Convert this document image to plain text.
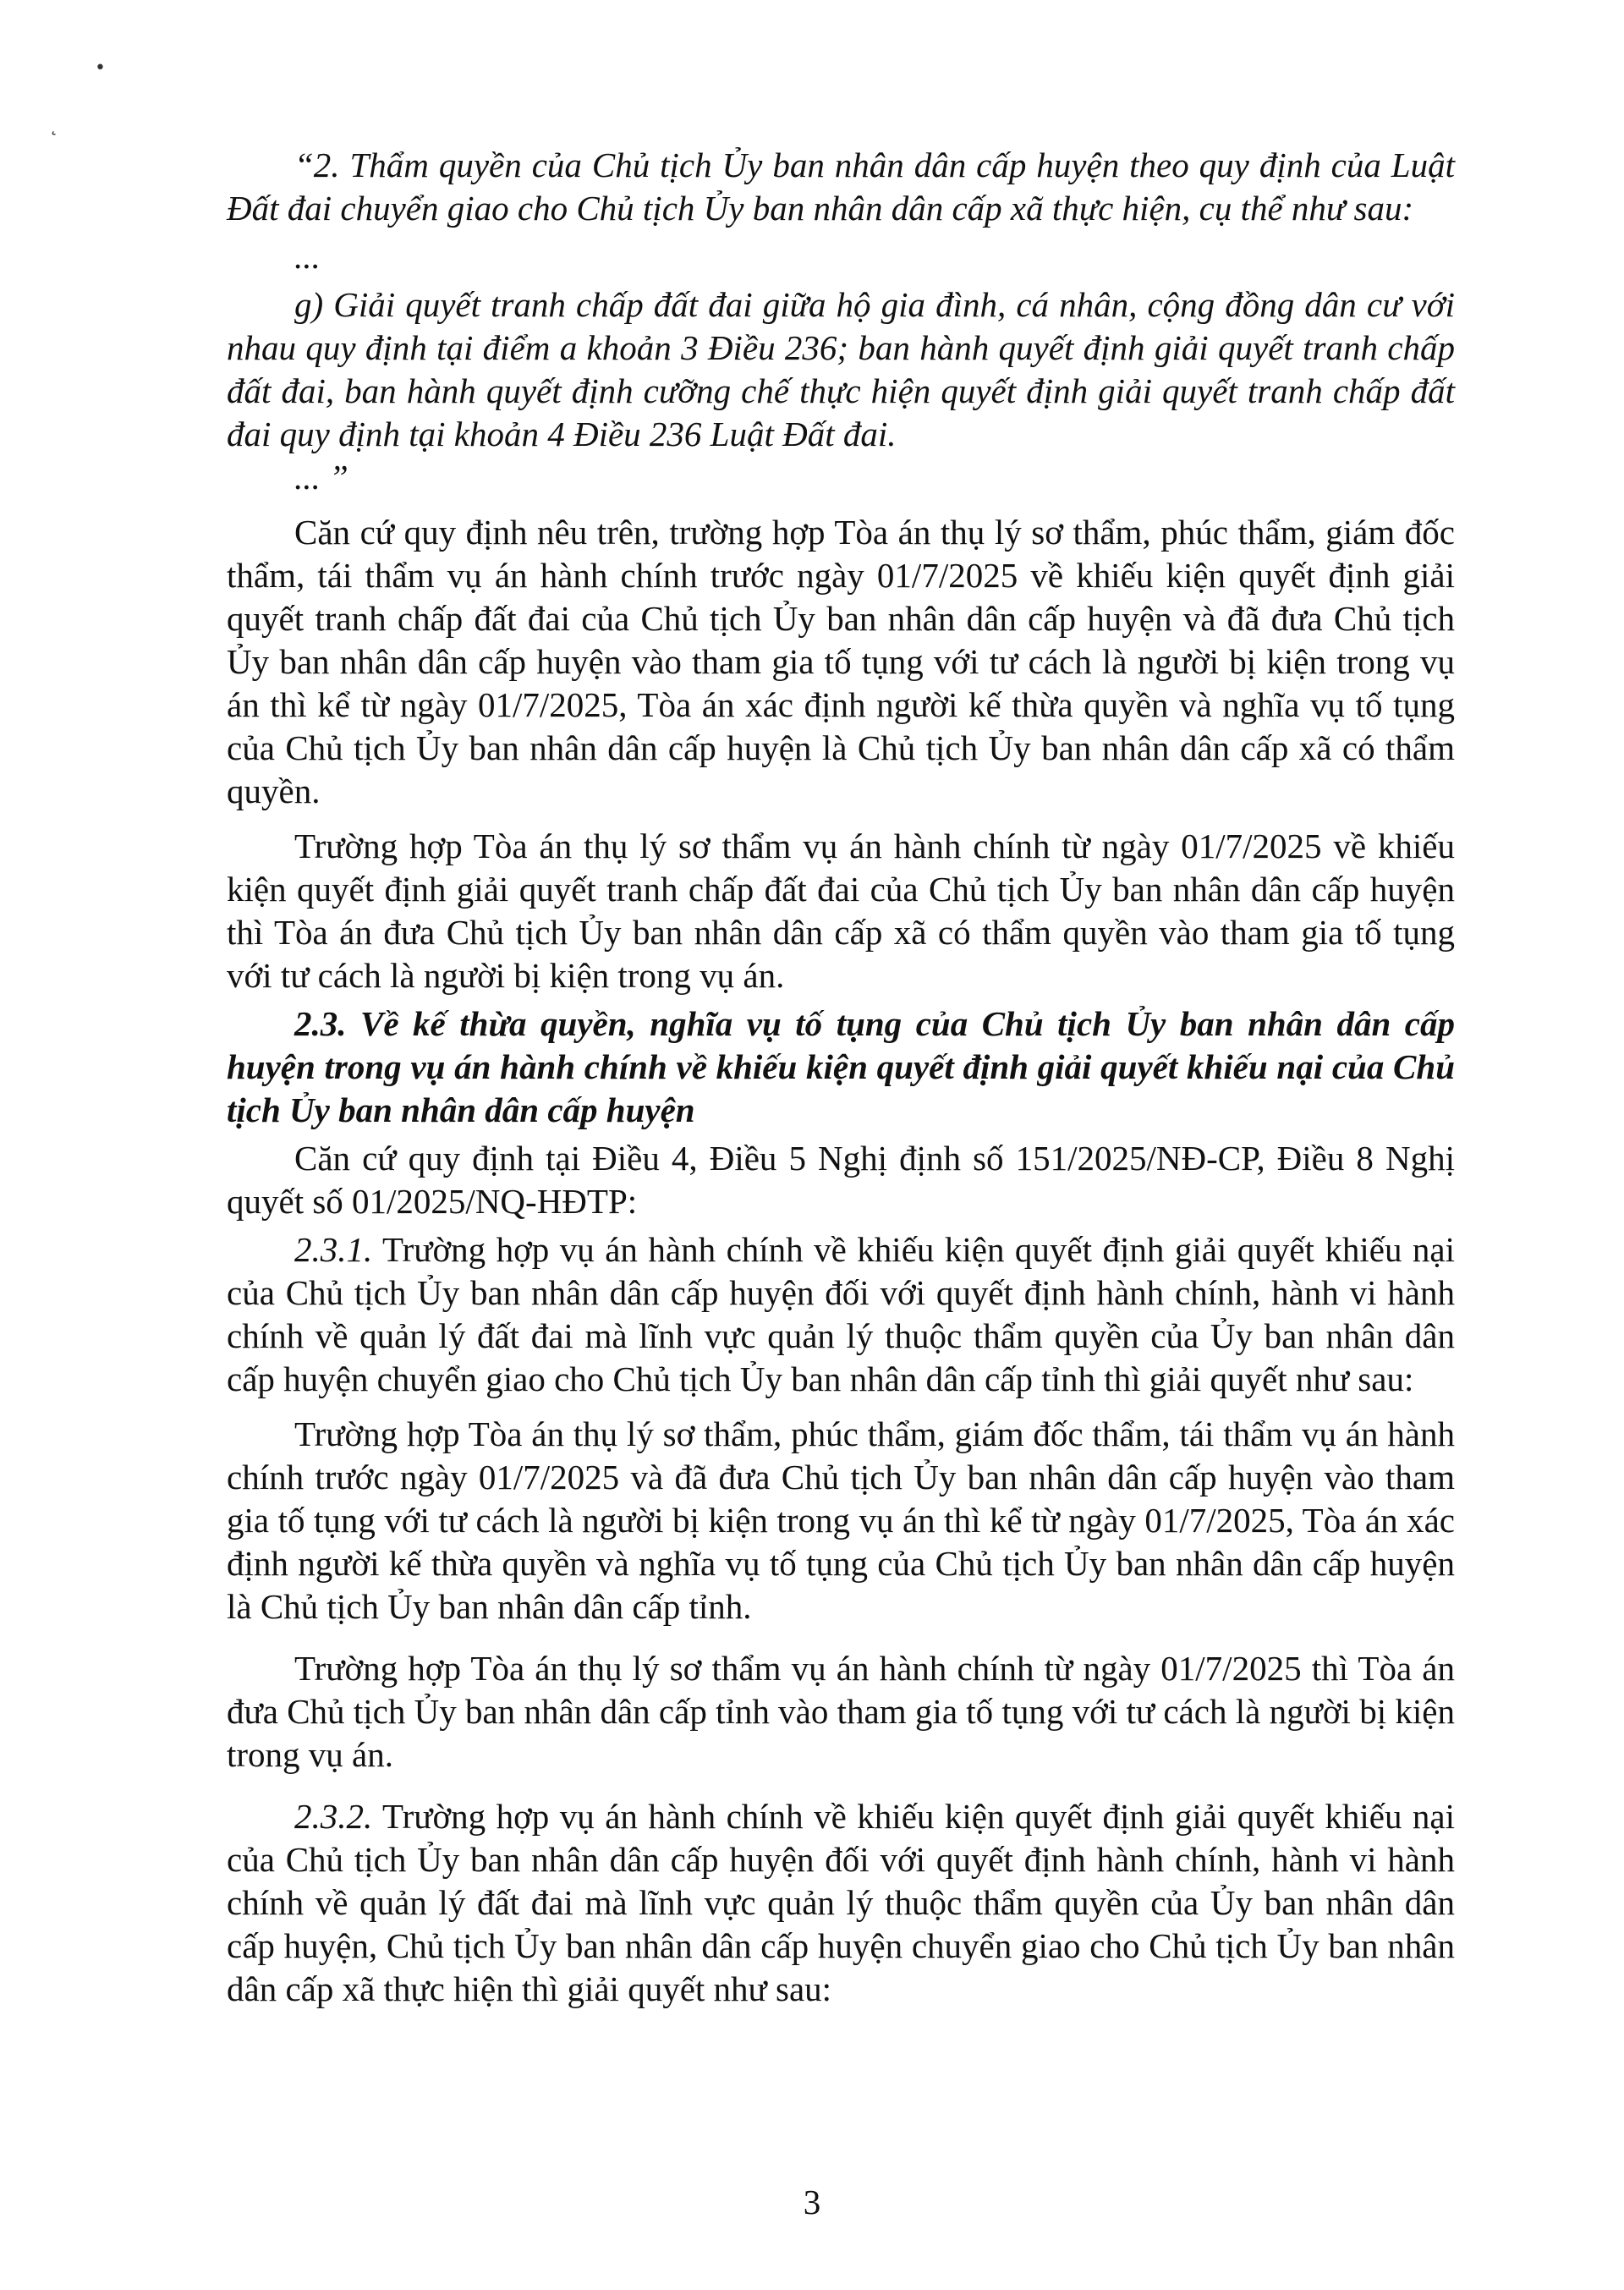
•
˛

“2. Thẩm quyền của Chủ tịch Ủy ban nhân dân cấp huyện theo quy định của Luật Đất đai chuyển giao cho Chủ tịch Ủy ban nhân dân cấp xã thực hiện, cụ thể như sau:

...

g) Giải quyết tranh chấp đất đai giữa hộ gia đình, cá nhân, cộng đồng dân cư với nhau quy định tại điểm a khoản 3 Điều 236; ban hành quyết định giải quyết tranh chấp đất đai, ban hành quyết định cưỡng chế thực hiện quyết định giải quyết tranh chấp đất đai quy định tại khoản 4 Điều 236 Luật Đất đai.

... ”

Căn cứ quy định nêu trên, trường hợp Tòa án thụ lý sơ thẩm, phúc thẩm, giám đốc thẩm, tái thẩm vụ án hành chính trước ngày 01/7/2025 về khiếu kiện quyết định giải quyết tranh chấp đất đai của Chủ tịch Ủy ban nhân dân cấp huyện và đã đưa Chủ tịch Ủy ban nhân dân cấp huyện vào tham gia tố tụng với tư cách là người bị kiện trong vụ án thì kể từ ngày 01/7/2025, Tòa án xác định người kế thừa quyền và nghĩa vụ tố tụng của Chủ tịch Ủy ban nhân dân cấp huyện là Chủ tịch Ủy ban nhân dân cấp xã có thẩm quyền.

Trường hợp Tòa án thụ lý sơ thẩm vụ án hành chính từ ngày 01/7/2025 về khiếu kiện quyết định giải quyết tranh chấp đất đai của Chủ tịch Ủy ban nhân dân cấp huyện thì Tòa án đưa Chủ tịch Ủy ban nhân dân cấp xã có thẩm quyền vào tham gia tố tụng với tư cách là người bị kiện trong vụ án.

2.3. Về kế thừa quyền, nghĩa vụ tố tụng của Chủ tịch Ủy ban nhân dân cấp huyện trong vụ án hành chính về khiếu kiện quyết định giải quyết khiếu nại của Chủ tịch Ủy ban nhân dân cấp huyện

Căn cứ quy định tại Điều 4, Điều 5 Nghị định số 151/2025/NĐ-CP, Điều 8 Nghị quyết số 01/2025/NQ-HĐTP:

2.3.1. Trường hợp vụ án hành chính về khiếu kiện quyết định giải quyết khiếu nại của Chủ tịch Ủy ban nhân dân cấp huyện đối với quyết định hành chính, hành vi hành chính về quản lý đất đai mà lĩnh vực quản lý thuộc thẩm quyền của Ủy ban nhân dân cấp huyện chuyển giao cho Chủ tịch Ủy ban nhân dân cấp tỉnh thì giải quyết như sau:

Trường hợp Tòa án thụ lý sơ thẩm, phúc thẩm, giám đốc thẩm, tái thẩm vụ án hành chính trước ngày 01/7/2025 và đã đưa Chủ tịch Ủy ban nhân dân cấp huyện vào tham gia tố tụng với tư cách là người bị kiện trong vụ án thì kể từ ngày 01/7/2025, Tòa án xác định người kế thừa quyền và nghĩa vụ tố tụng của Chủ tịch Ủy ban nhân dân cấp huyện là Chủ tịch Ủy ban nhân dân cấp tỉnh.

Trường hợp Tòa án thụ lý sơ thẩm vụ án hành chính từ ngày 01/7/2025 thì Tòa án đưa Chủ tịch Ủy ban nhân dân cấp tỉnh vào tham gia tố tụng với tư cách là người bị kiện trong vụ án.

2.3.2. Trường hợp vụ án hành chính về khiếu kiện quyết định giải quyết khiếu nại của Chủ tịch Ủy ban nhân dân cấp huyện đối với quyết định hành chính, hành vi hành chính về quản lý đất đai mà lĩnh vực quản lý thuộc thẩm quyền của Ủy ban nhân dân cấp huyện, Chủ tịch Ủy ban nhân dân cấp huyện chuyển giao cho Chủ tịch Ủy ban nhân dân cấp xã thực hiện thì giải quyết như sau:

3
